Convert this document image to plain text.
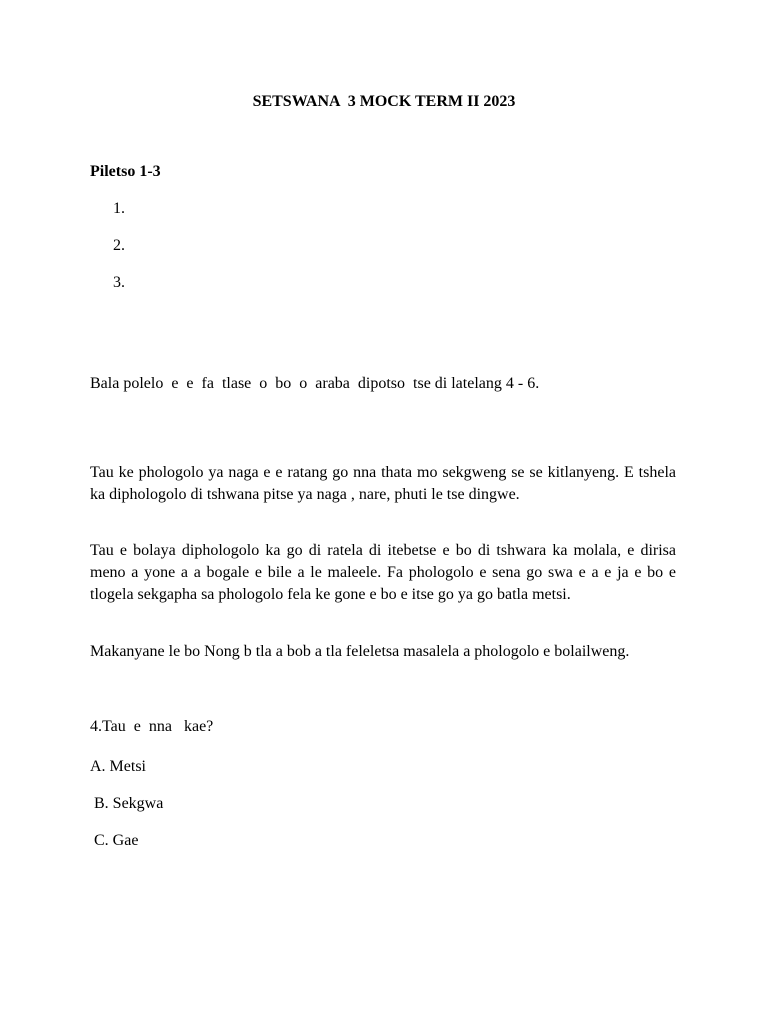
SETSWANA  3 MOCK TERM II 2023
Piletso 1-3
1.
2.
3.
Bala polelo  e  e  fa  tlase  o  bo  o  araba  dipotso  tse di latelang 4 - 6.

Tau ke phologolo ya naga e e ratang go nna thata mo sekgweng se se kitlanyeng. E tshela ka diphologolo di tshwana pitse ya naga , nare, phuti le tse dingwe.

Tau e bolaya diphologolo ka go di ratela di itebetse e bo di tshwara ka molala, e dirisa meno a yone a a bogale e bile a le maleele. Fa phologolo e sena go swa e a e ja e bo e tlogela sekgapha sa phologolo fela ke gone e bo e itse go ya go batla metsi.

Makanyane le bo Nong b tla a bob a tla feleletsa masalela a phologolo e bolailweng.

4.Tau  e  nna   kae?
A. Metsi
B. Sekgwa
C. Gae
